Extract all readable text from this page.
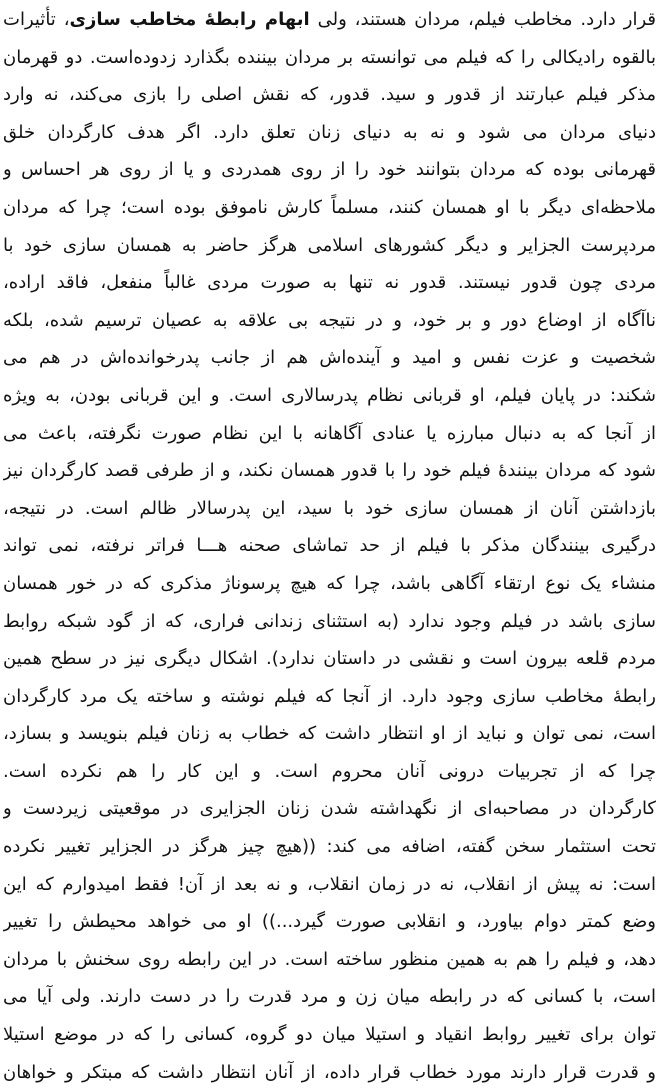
قرار دارد. مخاطب فیلم، مردان هستند، ولی ابهام رابطهٔ مخاطب سازی، تأثیرات

بالقوه رادیکالی را که فیلم می توانسته بر مردان بیننده بگذارد زدوده‌است. دو قهرمان

مذکر فیلم عبارتند از قدور و سید. قدور، که نقش اصلی را بازی می‌کند، نه وارد

دنیای مردان می شود و نه به دنیای زنان تعلق دارد. اگر هدف کارگردان خلق

قهرمانی بوده که مردان بتوانند خود را از روی همدردی و یا از روی هر احساس و

ملاحظه‌ای دیگر با او همسان کنند، مسلماً کارش ناموفق بوده است؛ چرا که مردان

مردپرست الجزایر و دیگر کشورهای اسلامی هرگز حاضر به همسان سازی خود با

مردی چون قدور نیستند. قدور نه تنها به صورت مردی غالباً منفعل، فاقد اراده،

ناآگاه از اوضاع دور و بر خود، و در نتیجه بی علاقه به عصیان ترسیم شده، بلکه

شخصیت و عزت نفس و امید و آینده‌اش هم از جانب پدرخوانده‌اش در هم می

شکند: در پایان فیلم، او قربانی نظام پدرسالاری است. و این قربانی بودن، به ویژه

از آنجا که به دنبال مبارزه یا عنادی آگاهانه با این نظام صورت نگرفته، باعث می

شود که مردان بینندهٔ فیلم خود را با قدور همسان نکند، و از طرفی قصد کارگردان نیز

بازداشتن آنان از همسان سازی خود با سید، این پدرسالار ظالم است. در نتیجه،

درگیری بینندگان مذکر با فیلم از حد تماشای صحنه هـــا فراتر نرفته، نمی تواند

منشاء یک نوع ارتقاء آگاهی باشد، چرا که هیچ پرسوناژ مذکری که در خور همسان

سازی باشد در فیلم وجود ندارد (به استثنای زندانی فراری، که از گود شبکه روابط

مردم قلعه بیرون است و نقشی در داستان ندارد). اشکال دیگری نیز در سطح همین

رابطهٔ مخاطب سازی وجود دارد. از آنجا که فیلم نوشته و ساخته یک مرد کارگردان

است، نمی توان و نباید از او انتظار داشت که خطاب به زنان فیلم بنویسد و بسازد،

چرا که از تجربیات درونی آنان محروم است. و این کار را هم نکرده است.

کارگردان در مصاحبه‌ای از نگهداشته شدن زنان الجزایری در موقعیتی زیردست و

تحت استثمار سخن گفته، اضافه می کند: ((هیچ چیز هرگز در الجزایر تغییر نکرده

است: نه پیش از انقلاب، نه در زمان انقلاب، و نه بعد از آن! فقط امیدوارم که این

وضع کمتر دوام بیاورد، و انقلابی صورت گیرد...)) او می خواهد محیطش را تغییر

دهد، و فیلم را هم به همین منظور ساخته است. در این رابطه روی سخنش با مردان

است، با کسانی که در رابطه میان زن و مرد قدرت را در دست دارند. ولی آیا می

توان برای تغییر روابط انقیاد و استیلا میان دو گروه، کسانی را که در موضع استیلا

و قدرت قرار دارند مورد خطاب قرار داده، از آنان انتظار داشت که مبتکر و خواهان
